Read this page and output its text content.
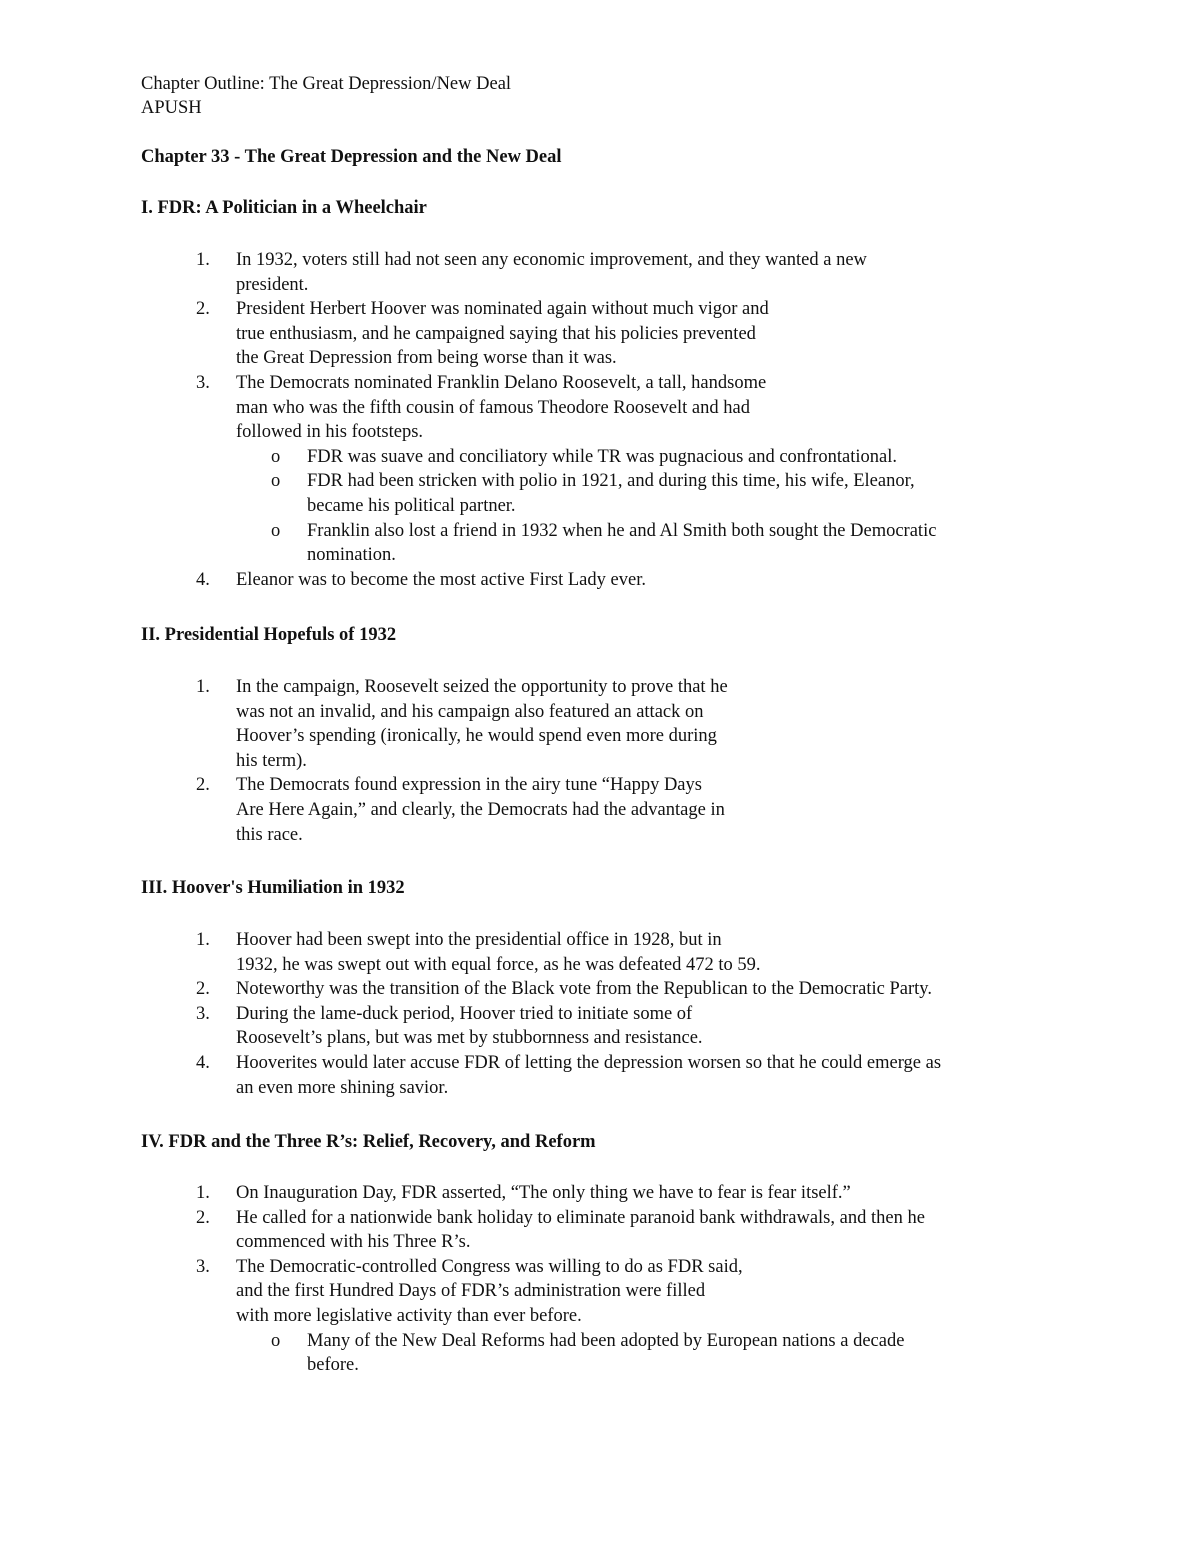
Chapter Outline: The Great Depression/New Deal
APUSH
Chapter 33 - The Great Depression and the New Deal
I. FDR: A Politician in a Wheelchair
1.	In 1932, voters still had not seen any economic improvement, and they wanted a new
president.
2.	President Herbert Hoover was nominated again without much vigor and
true enthusiasm, and he campaigned saying that his policies prevented
the Great Depression from being worse than it was.
3.	The Democrats nominated Franklin Delano Roosevelt, a tall, handsome
man who was the fifth cousin of famous Theodore Roosevelt and had
followed in his footsteps.
o FDR was suave and conciliatory while TR was pugnacious and confrontational.
o FDR had been stricken with polio in 1921, and during this time, his wife, Eleanor,
became his political partner.
o Franklin also lost a friend in 1932 when he and Al Smith both sought the Democratic
nomination.
4.	Eleanor was to become the most active First Lady ever.
II. Presidential Hopefuls of 1932
1.	In the campaign, Roosevelt seized the opportunity to prove that he
was not an invalid, and his campaign also featured an attack on
Hoover’s spending (ironically, he would spend even more during
his term).
2.	The Democrats found expression in the airy tune “Happy Days
Are Here Again,” and clearly, the Democrats had the advantage in
this race.
III. Hoover's Humiliation in 1932
1.	Hoover had been swept into the presidential office in 1928, but in
1932, he was swept out with equal force, as he was defeated 472 to 59.
2.	Noteworthy was the transition of the Black vote from the Republican to the Democratic Party.
3.	During the lame-duck period, Hoover tried to initiate some of
Roosevelt’s plans, but was met by stubbornness and resistance.
4.	Hooverites would later accuse FDR of letting the depression worsen so that he could emerge as
an even more shining savior.
IV. FDR and the Three R’s: Relief, Recovery, and Reform
1.	On Inauguration Day, FDR asserted, “The only thing we have to fear is fear itself.”
2.	He called for a nationwide bank holiday to eliminate paranoid bank withdrawals, and then he
commenced with his Three R’s.
3.	The Democratic-controlled Congress was willing to do as FDR said,
and the first Hundred Days of FDR’s administration were filled
with more legislative activity than ever before.
o Many of the New Deal Reforms had been adopted by European nations a decade
before.
